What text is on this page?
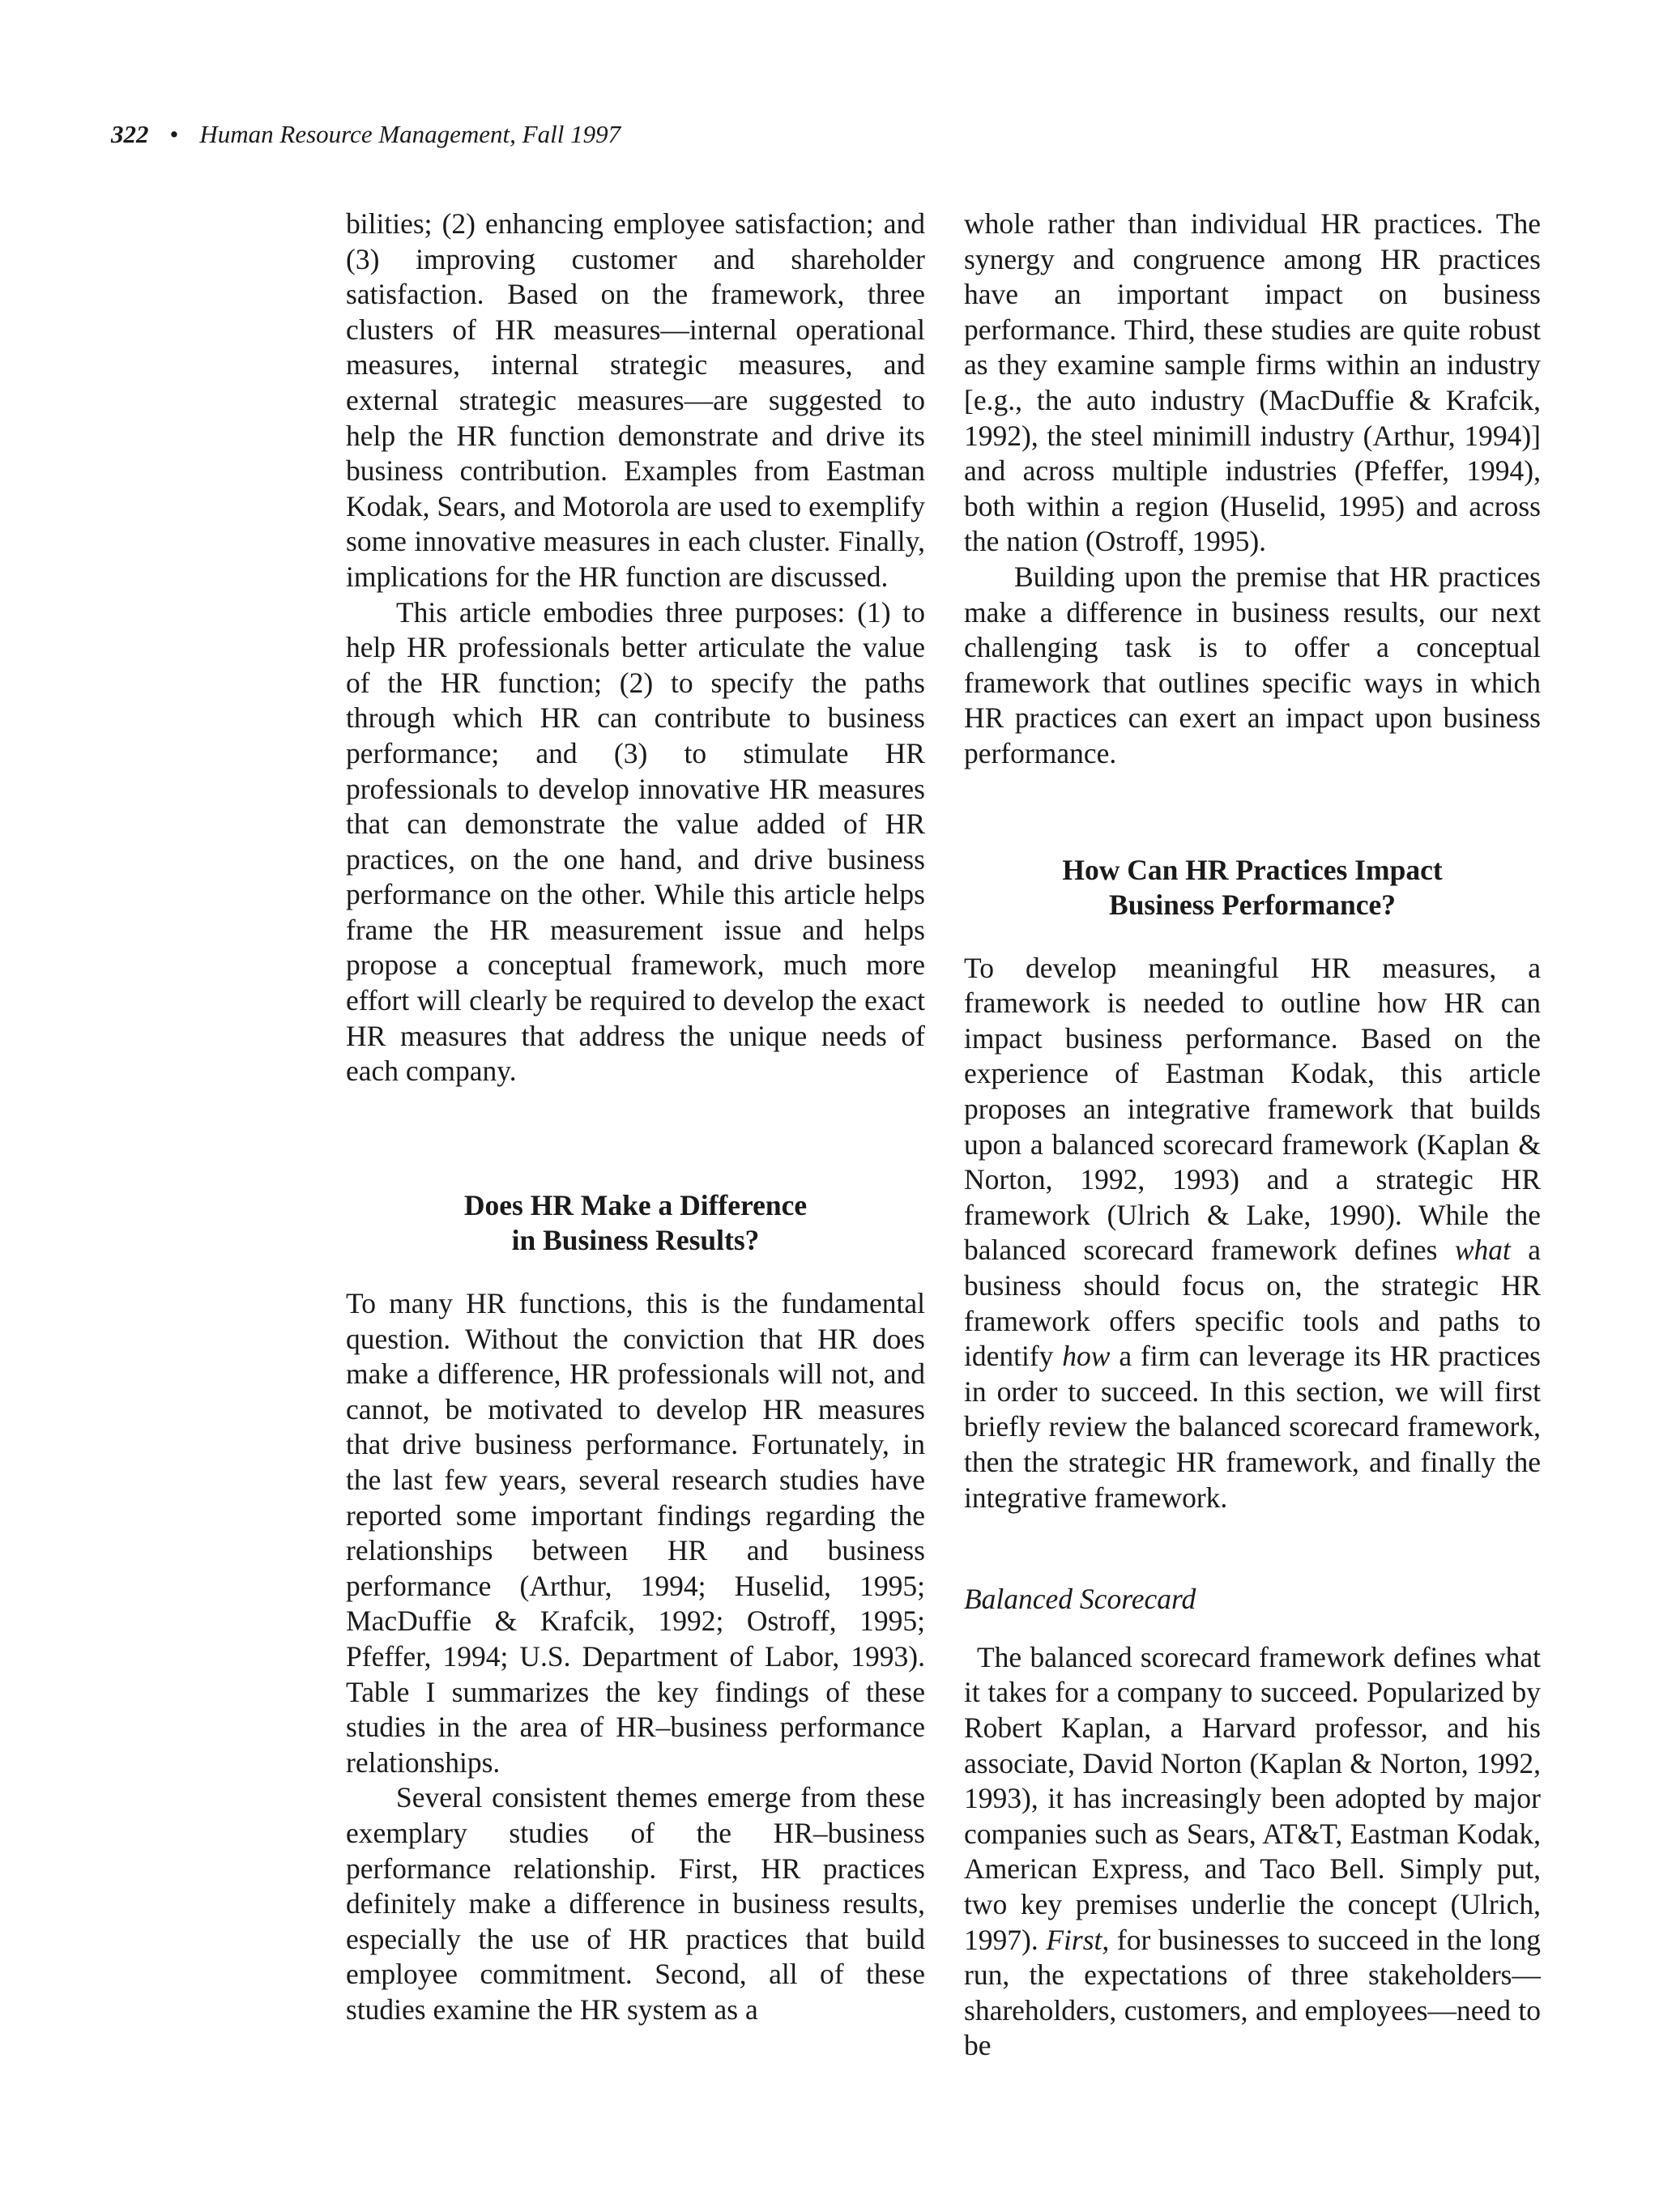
322 • Human Resource Management, Fall 1997

bilities; (2) enhancing employee satisfaction; and (3) improving customer and shareholder satisfaction. Based on the framework, three clusters of HR measures—internal operational measures, internal strategic measures, and external strategic measures—are suggested to help the HR function demonstrate and drive its business contribution. Examples from Eastman Kodak, Sears, and Motorola are used to exemplify some innovative measures in each cluster. Finally, implications for the HR function are discussed.

This article embodies three purposes: (1) to help HR professionals better articulate the value of the HR function; (2) to specify the paths through which HR can contribute to business performance; and (3) to stimulate HR professionals to develop innovative HR measures that can demonstrate the value added of HR practices, on the one hand, and drive business performance on the other. While this article helps frame the HR measurement issue and helps propose a conceptual framework, much more effort will clearly be required to develop the exact HR measures that address the unique needs of each company.

Does HR Make a Difference
in Business Results?

To many HR functions, this is the fundamental question. Without the conviction that HR does make a difference, HR professionals will not, and cannot, be motivated to develop HR measures that drive business performance. Fortunately, in the last few years, several research studies have reported some important findings regarding the relationships between HR and business performance (Arthur, 1994; Huselid, 1995; MacDuffie & Krafcik, 1992; Ostroff, 1995; Pfeffer, 1994; U.S. Department of Labor, 1993). Table I summarizes the key findings of these studies in the area of HR–business performance relationships.

Several consistent themes emerge from these exemplary studies of the HR–business performance relationship. First, HR practices definitely make a difference in business results, especially the use of HR practices that build employee commitment. Second, all of these studies examine the HR system as a

whole rather than individual HR practices. The synergy and congruence among HR practices have an important impact on business performance. Third, these studies are quite robust as they examine sample firms within an industry [e.g., the auto industry (MacDuffie & Krafcik, 1992), the steel minimill industry (Arthur, 1994)] and across multiple industries (Pfeffer, 1994), both within a region (Huselid, 1995) and across the nation (Ostroff, 1995).

Building upon the premise that HR practices make a difference in business results, our next challenging task is to offer a conceptual framework that outlines specific ways in which HR practices can exert an impact upon business performance.

How Can HR Practices Impact
Business Performance?

To develop meaningful HR measures, a framework is needed to outline how HR can impact business performance. Based on the experience of Eastman Kodak, this article proposes an integrative framework that builds upon a balanced scorecard framework (Kaplan & Norton, 1992, 1993) and a strategic HR framework (Ulrich & Lake, 1990). While the balanced scorecard framework defines what a business should focus on, the strategic HR framework offers specific tools and paths to identify how a firm can leverage its HR practices in order to succeed. In this section, we will first briefly review the balanced scorecard framework, then the strategic HR framework, and finally the integrative framework.

Balanced Scorecard

The balanced scorecard framework defines what it takes for a company to succeed. Popularized by Robert Kaplan, a Harvard professor, and his associate, David Norton (Kaplan & Norton, 1992, 1993), it has increasingly been adopted by major companies such as Sears, AT&T, Eastman Kodak, American Express, and Taco Bell. Simply put, two key premises underlie the concept (Ulrich, 1997). First, for businesses to succeed in the long run, the expectations of three stakeholders—shareholders, customers, and employees—need to be
